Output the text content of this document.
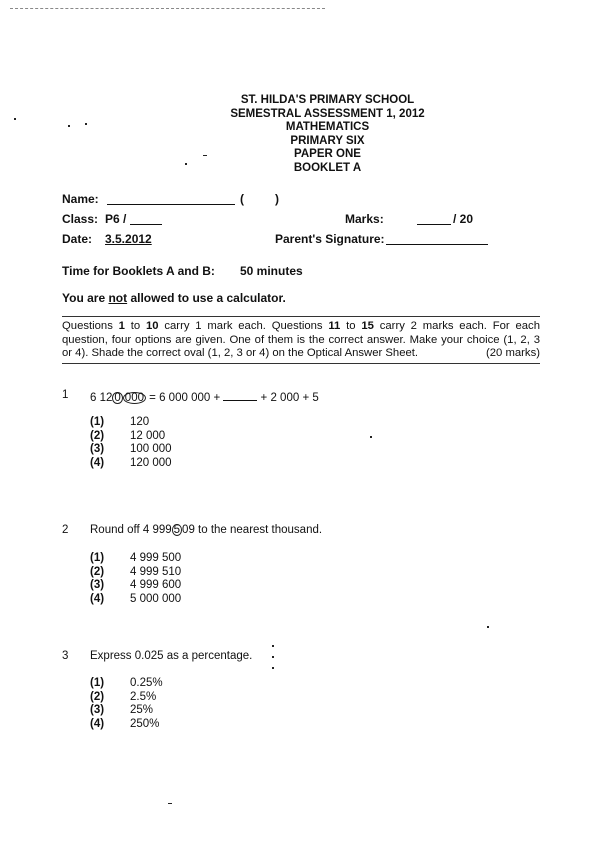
ST. HILDA'S PRIMARY SCHOOL
SEMESTRAL ASSESSMENT 1, 2012
MATHEMATICS
PRIMARY SIX
PAPER ONE
BOOKLET A
Name:	(	)
Class: P6 /	Marks:	/ 20
Date: 3.5.2012	Parent's Signature:
Time for Booklets A and B: 50 minutes
You are not allowed to use a calculator.
Questions 1 to 10 carry 1 mark each. Questions 11 to 15 carry 2 marks each. For each question, four options are given. One of them is the correct answer. Make your choice (1, 2, 3 or 4). Shade the correct oval (1, 2, 3 or 4) on the Optical Answer Sheet.	(20 marks)
1 6 12 0 000 = 6 000 000 +	+ 2 000 + 5
(1) 120
(2) 12 000
(3) 100 000
(4) 120 000
2 Round off 4 999 5 09 to the nearest thousand.
(1) 4 999 500
(2) 4 999 510
(3) 4 999 600
(4) 5 000 000
3 Express 0.025 as a percentage.
(1) 0.25%
(2) 2.5%
(3) 25%
(4) 250%
